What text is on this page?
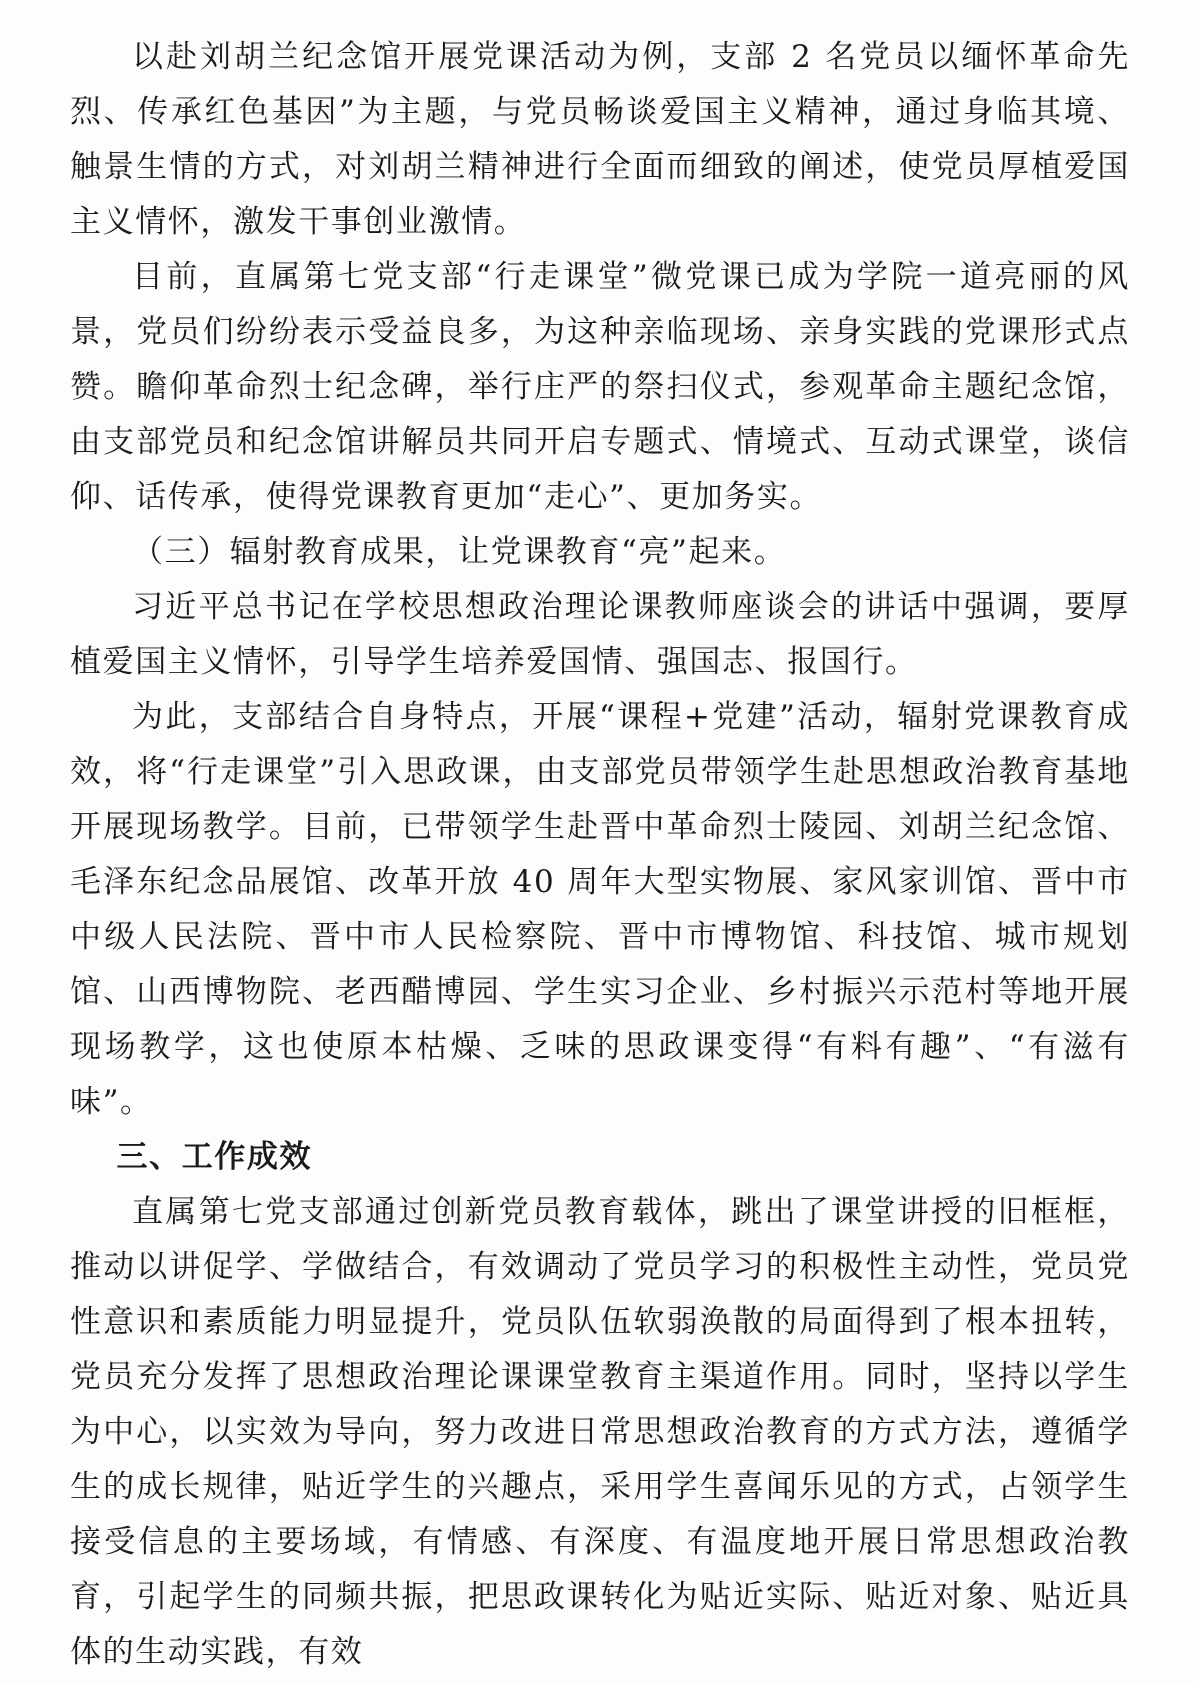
以赴刘胡兰纪念馆开展党课活动为例，支部 2 名党员以缅怀革命先烈、传承红色基因”为主题，与党员畅谈爱国主义精神，通过身临其境、触景生情的方式，对刘胡兰精神进行全面而细致的阐述，使党员厚植爱国主义情怀，激发干事创业激情。

目前，直属第七党支部“行走课堂”微党课已成为学院一道亮丽的风景，党员们纷纷表示受益良多，为这种亲临现场、亲身实践的党课形式点赞。瞻仰革命烈士纪念碑，举行庄严的祭扫仪式，参观革命主题纪念馆，由支部党员和纪念馆讲解员共同开启专题式、情境式、互动式课堂，谈信仰、话传承，使得党课教育更加“走心”、更加务实。

（三）辐射教育成果，让党课教育“亮”起来。

习近平总书记在学校思想政治理论课教师座谈会的讲话中强调，要厚植爱国主义情怀，引导学生培养爱国情、强国志、报国行。

为此，支部结合自身特点，开展“课程+党建”活动，辐射党课教育成效，将“行走课堂”引入思政课，由支部党员带领学生赴思想政治教育基地开展现场教学。目前，已带领学生赴晋中革命烈士陵园、刘胡兰纪念馆、毛泽东纪念品展馆、改革开放 40 周年大型实物展、家风家训馆、晋中市中级人民法院、晋中市人民检察院、晋中市博物馆、科技馆、城市规划馆、山西博物院、老西醋博园、学生实习企业、乡村振兴示范村等地开展现场教学，这也使原本枯燥、乏味的思政课变得“有料有趣”、“有滋有味”。

三、工作成效

直属第七党支部通过创新党员教育载体，跳出了课堂讲授的旧框框，推动以讲促学、学做结合，有效调动了党员学习的积极性主动性，党员党性意识和素质能力明显提升，党员队伍软弱涣散的局面得到了根本扭转，党员充分发挥了思想政治理论课课堂教育主渠道作用。同时，坚持以学生为中心，以实效为导向，努力改进日常思想政治教育的方式方法，遵循学生的成长规律，贴近学生的兴趣点，采用学生喜闻乐见的方式，占领学生接受信息的主要场域，有情感、有深度、有温度地开展日常思想政治教育，引起学生的同频共振，把思政课转化为贴近实际、贴近对象、贴近具体的生动实践，有效
